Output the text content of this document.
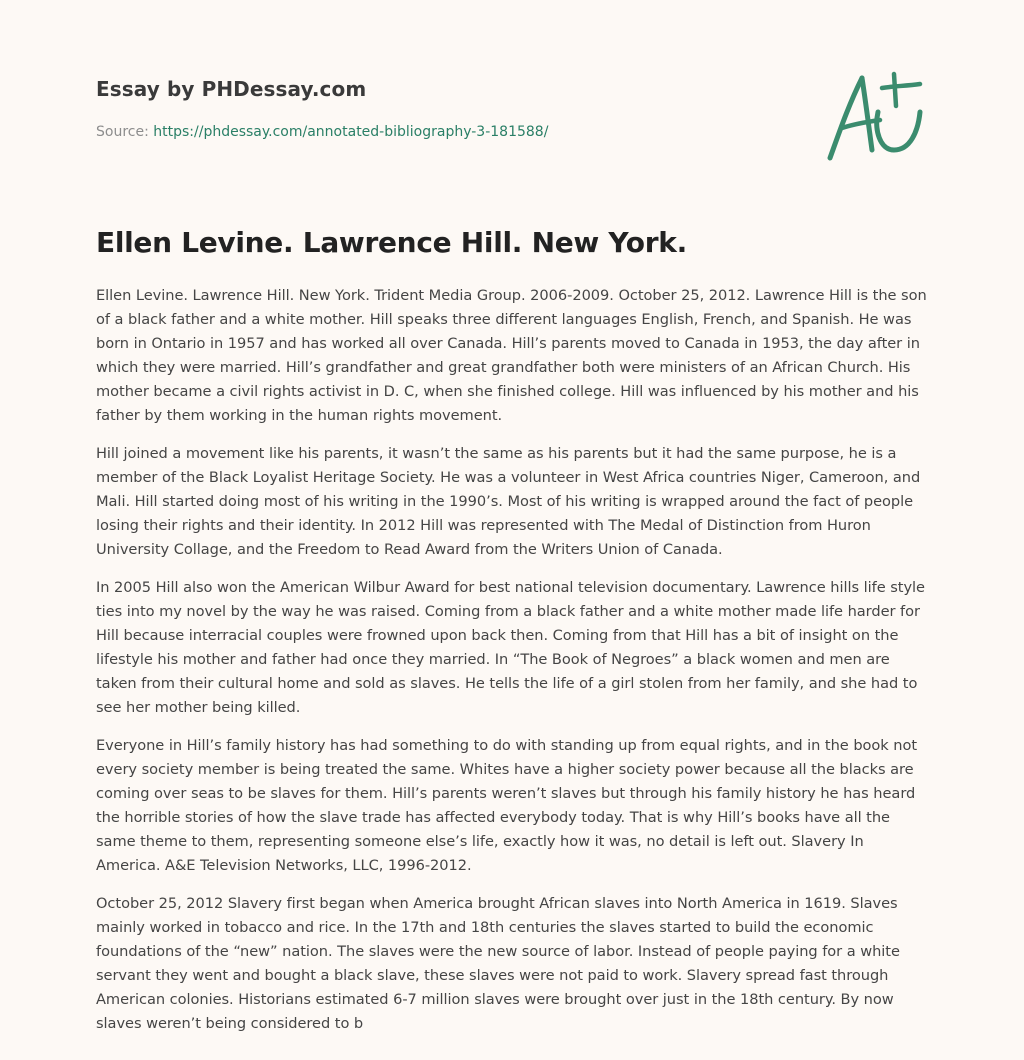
Essay by PHDessay.com
Source: https://phdessay.com/annotated-bibliography-3-181588/
Ellen Levine. Lawrence Hill. New York.

Ellen Levine. Lawrence Hill. New York. Trident Media Group. 2006-2009. October 25, 2012. Lawrence Hill is the son of a black father and a white mother. Hill speaks three different languages English, French, and Spanish. He was born in Ontario in 1957 and has worked all over Canada. Hill’s parents moved to Canada in 1953, the day after in which they were married. Hill’s grandfather and great grandfather both were ministers of an African Church. His mother became a civil rights activist in D. C, when she finished college. Hill was influenced by his mother and his father by them working in the human rights movement.

Hill joined a movement like his parents, it wasn’t the same as his parents but it had the same purpose, he is a member of the Black Loyalist Heritage Society. He was a volunteer in West Africa countries Niger, Cameroon, and Mali. Hill started doing most of his writing in the 1990’s. Most of his writing is wrapped around the fact of people losing their rights and their identity. In 2012 Hill was represented with The Medal of Distinction from Huron University Collage, and the Freedom to Read Award from the Writers Union of Canada.

In 2005 Hill also won the American Wilbur Award for best national television documentary. Lawrence hills life style ties into my novel by the way he was raised. Coming from a black father and a white mother made life harder for Hill because interracial couples were frowned upon back then. Coming from that Hill has a bit of insight on the lifestyle his mother and father had once they married. In “The Book of Negroes” a black women and men are taken from their cultural home and sold as slaves. He tells the life of a girl stolen from her family, and she had to see her mother being killed.

Everyone in Hill’s family history has had something to do with standing up from equal rights, and in the book not every society member is being treated the same. Whites have a higher society power because all the blacks are coming over seas to be slaves for them. Hill’s parents weren’t slaves but through his family history he has heard the horrible stories of how the slave trade has affected everybody today. That is why Hill’s books have all the same theme to them, representing someone else’s life, exactly how it was, no detail is left out. Slavery In America. A&E Television Networks, LLC, 1996-2012.

October 25, 2012 Slavery first began when America brought African slaves into North America in 1619. Slaves mainly worked in tobacco and rice. In the 17th and 18th centuries the slaves started to build the economic foundations of the “new” nation. The slaves were the new source of labor. Instead of people paying for a white servant they went and bought a black slave, these slaves were not paid to work. Slavery spread fast through American colonies. Historians estimated 6-7 million slaves were brought over just in the 18th century. By now slaves weren’t being considered to b
